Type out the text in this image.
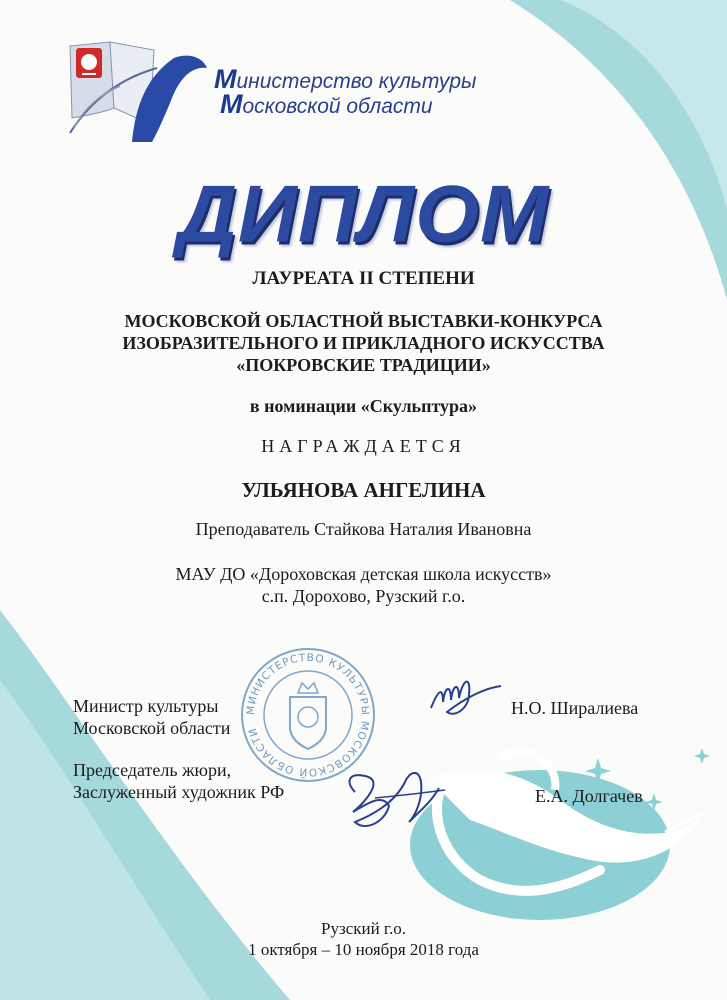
Министерство культуры
Московской области
ДИПЛОМ
ЛАУРЕАТА II СТЕПЕНИ
МОСКОВСКОЙ ОБЛАСТНОЙ ВЫСТАВКИ-КОНКУРСА
ИЗОБРАЗИТЕЛЬНОГО И ПРИКЛАДНОГО ИСКУССТВА
«ПОКРОВСКИЕ ТРАДИЦИИ»
в номинации «Скульптура»
НАГРАЖДАЕТСЯ
УЛЬЯНОВА АНГЕЛИНА
Преподаватель Стайкова Наталия Ивановна
МАУ ДО «Дороховская детская школа искусств»
с.п. Дорохово, Рузский г.о.
МИНИСТЕРСТВО КУЛЬТУРЫ МОСКОВСКОЙ ОБЛАСТИ
Министр культуры
Московской области
Н.О. Ширалиева
Председатель жюри,
Заслуженный художник РФ	Е.А. Долгачев
Рузский г.о.
1 октября – 10 ноября 2018 года
